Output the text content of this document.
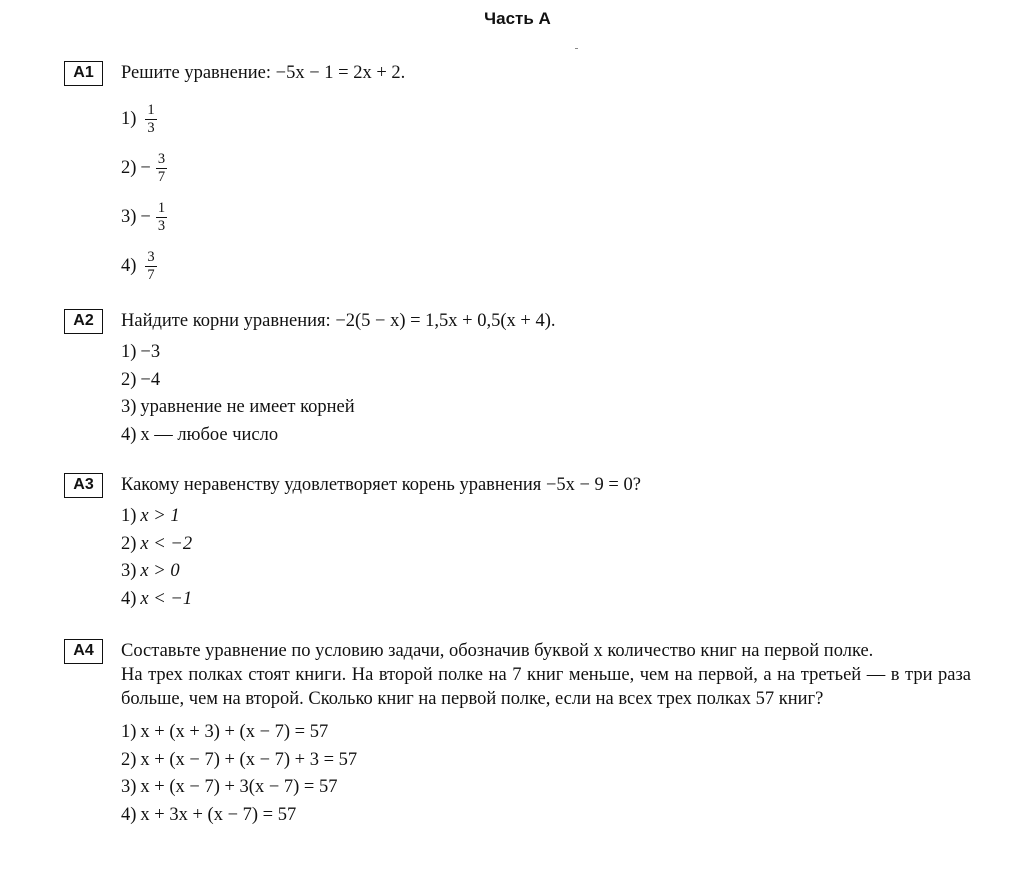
Часть А
А1	Решите уравнение: −5x − 1 = 2x + 2.
$1) \frac{1}{3}$
$2) - \frac{3}{7}$
$3) - \frac{1}{3}$
$4) \frac{3}{7}$
А2	Найдите корни уравнения: −2(5 − x) = 1,5x + 0,5(x + 4).
1) −3
2) −4
3) уравнение не имеет корней
4) x — любое число
А3	Какому неравенству удовлетворяет корень уравнения −5x − 9 = 0?
1) x > 1
2) x < −2
3) x > 0
4) x < −1
А4	Составьте уравнение по условию задачи, обозначив буквой x количество книг на первой полке.

На трех полках стоят книги. На второй полке на 7 книг меньше, чем на первой, а на третьей — в три раза больше, чем на второй. Сколько книг на первой полке, если на всех трех полках 57 книг?

1) x + (x + 3) + (x − 7) = 57
2) x + (x − 7) + (x − 7) + 3 = 57
3) x + (x − 7) + 3(x − 7) = 57
4) x + 3x + (x − 7) = 57
